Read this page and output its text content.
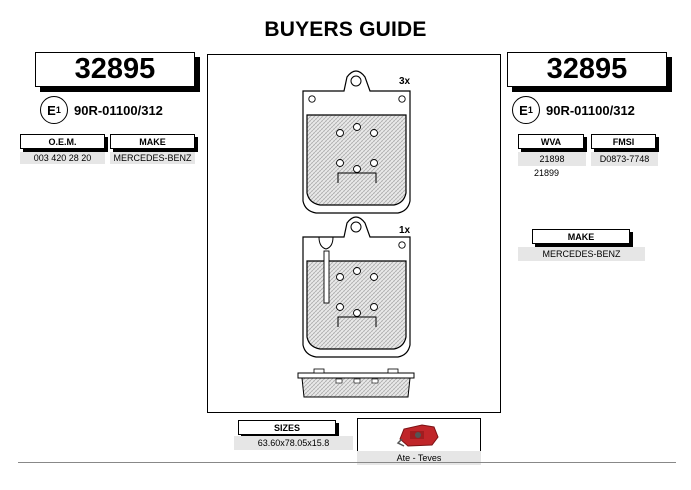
BUYERS GUIDE
32895
E 1 90R-01100/312
O.E.M.
003 420 28 20
MAKE
MERCEDES-BENZ
32895
E 1 90R-01100/312
WVA
21898
21899
FMSI
D0873-7748
MAKE
MERCEDES-BENZ
3x
1x
SIZES
63.60x78.05x15.8
Ate - Teves
